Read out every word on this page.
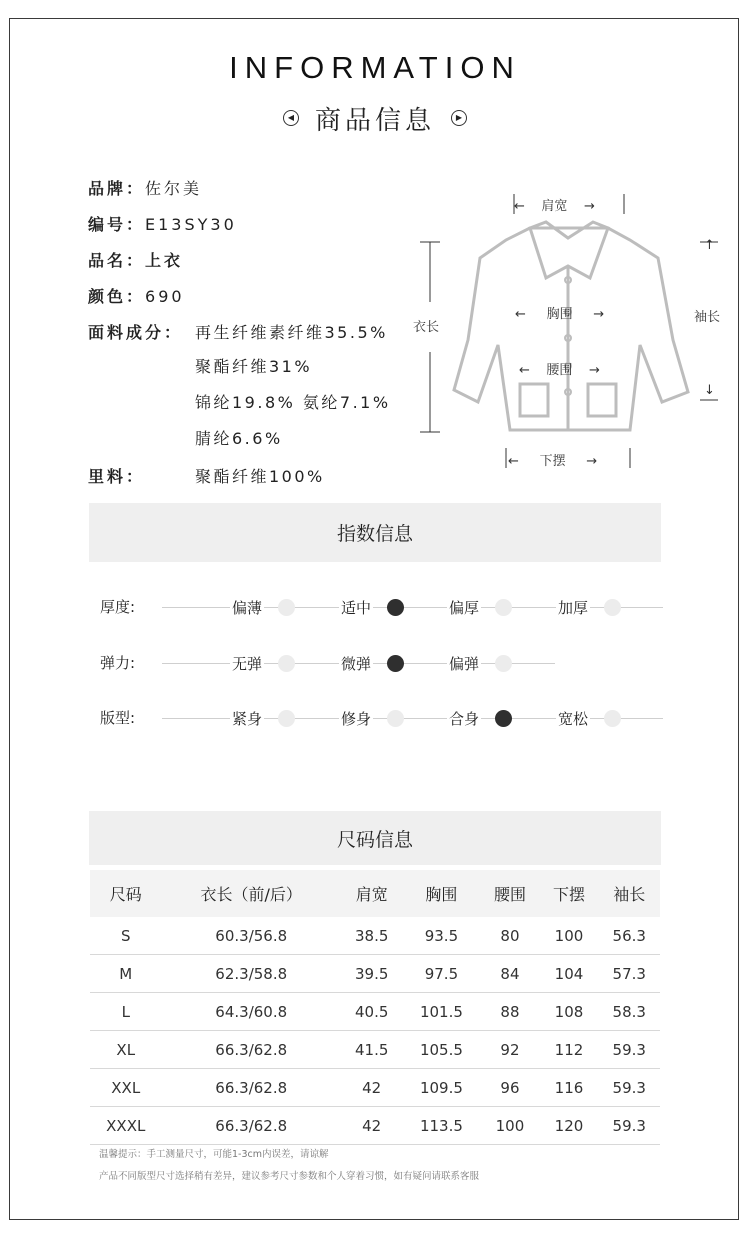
INFORMATION
◀ 商品信息	▶
品牌：佐尔美
编号：E13SY30
品名：上衣
颜色：690
面料成分： 再生纤维素纤维35.5%
聚酯纤维31%
锦纶19.8% 氨纶7.1%
腈纶6.6%
里料：	聚酯纤维100%
←    肩宽    →
←     胸围     →
←    腰围    →
←     下摆     →
衣长
袖长
↑
↓
指数信息
厚度:	偏薄	适中	偏厚	加厚
弹力:	无弹	微弹	偏弹
版型:	紧身	修身	合身	宽松
尺码信息
尺码	衣长（前/后）	肩宽	胸围	腰围	下摆	袖长
S	60.3/56.8	38.5	93.5	80	100	56.3
M	62.3/58.8	39.5	97.5	84	104	57.3
L	64.3/60.8	40.5	101.5	88	108	58.3
XL	66.3/62.8	41.5	105.5	92	112	59.3
XXL	66.3/62.8	42	109.5	96	116	59.3
XXXL	66.3/62.8	42	113.5	100	120	59.3
温馨提示：手工测量尺寸，可能1-3cm内误差，请谅解
产品不同版型尺寸选择稍有差异，建议参考尺寸参数和个人穿着习惯，如有疑问请联系客服
